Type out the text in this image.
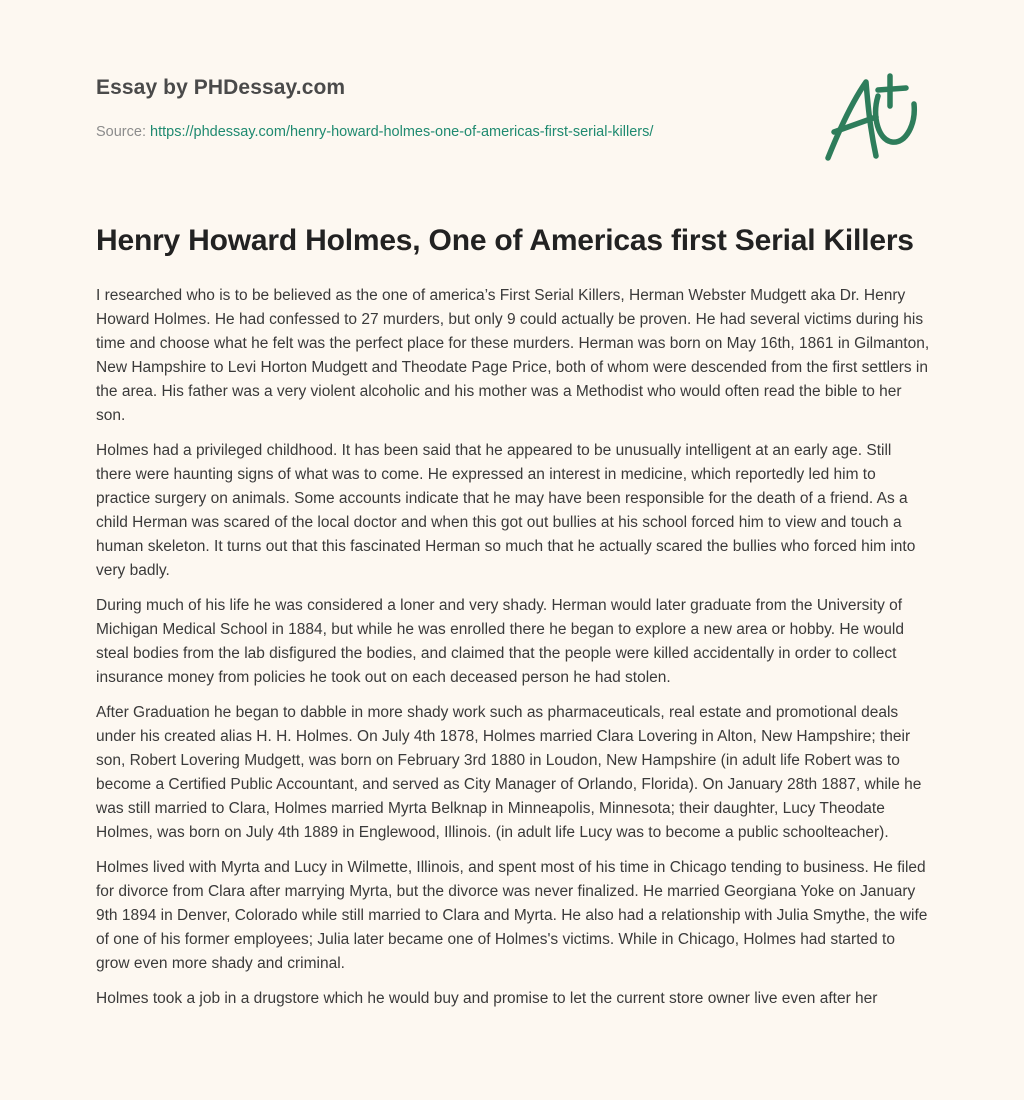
Essay by PHDessay.com
Source: https://phdessay.com/henry-howard-holmes-one-of-americas-first-serial-killers/
Henry Howard Holmes, One of Americas first Serial Killers

I researched who is to be believed as the one of america’s First Serial Killers, Herman Webster Mudgett aka Dr. Henry Howard Holmes. He had confessed to 27 murders, but only 9 could actually be proven. He had several victims during his time and choose what he felt was the perfect place for these murders. Herman was born on May 16th, 1861 in Gilmanton, New Hampshire to Levi Horton Mudgett and Theodate Page Price, both of whom were descended from the first settlers in the area. His father was a very violent alcoholic and his mother was a Methodist who would often read the bible to her son.

Holmes had a privileged childhood. It has been said that he appeared to be unusually intelligent at an early age. Still there were haunting signs of what was to come. He expressed an interest in medicine, which reportedly led him to practice surgery on animals. Some accounts indicate that he may have been responsible for the death of a friend. As a child Herman was scared of the local doctor and when this got out bullies at his school forced him to view and touch a human skeleton. It turns out that this fascinated Herman so much that he actually scared the bullies who forced him into very badly.

During much of his life he was considered a loner and very shady. Herman would later graduate from the University of Michigan Medical School in 1884, but while he was enrolled there he began to explore a new area or hobby. He would steal bodies from the lab disfigured the bodies, and claimed that the people were killed accidentally in order to collect insurance money from policies he took out on each deceased person he had stolen.

After Graduation he began to dabble in more shady work such as pharmaceuticals, real estate and promotional deals under his created alias H. H. Holmes. On July 4th 1878, Holmes married Clara Lovering in Alton, New Hampshire; their son, Robert Lovering Mudgett, was born on February 3rd 1880 in Loudon, New Hampshire (in adult life Robert was to become a Certified Public Accountant, and served as City Manager of Orlando, Florida). On January 28th 1887, while he was still married to Clara, Holmes married Myrta Belknap in Minneapolis, Minnesota; their daughter, Lucy Theodate Holmes, was born on July 4th 1889 in Englewood, Illinois. (in adult life Lucy was to become a public schoolteacher).

Holmes lived with Myrta and Lucy in Wilmette, Illinois, and spent most of his time in Chicago tending to business. He filed for divorce from Clara after marrying Myrta, but the divorce was never finalized. He married Georgiana Yoke on January 9th 1894 in Denver, Colorado while still married to Clara and Myrta. He also had a relationship with Julia Smythe, the wife of one of his former employees; Julia later became one of Holmes's victims. While in Chicago, Holmes had started to grow even more shady and criminal.

Holmes took a job in a drugstore which he would buy and promise to let the current store owner live even after her
